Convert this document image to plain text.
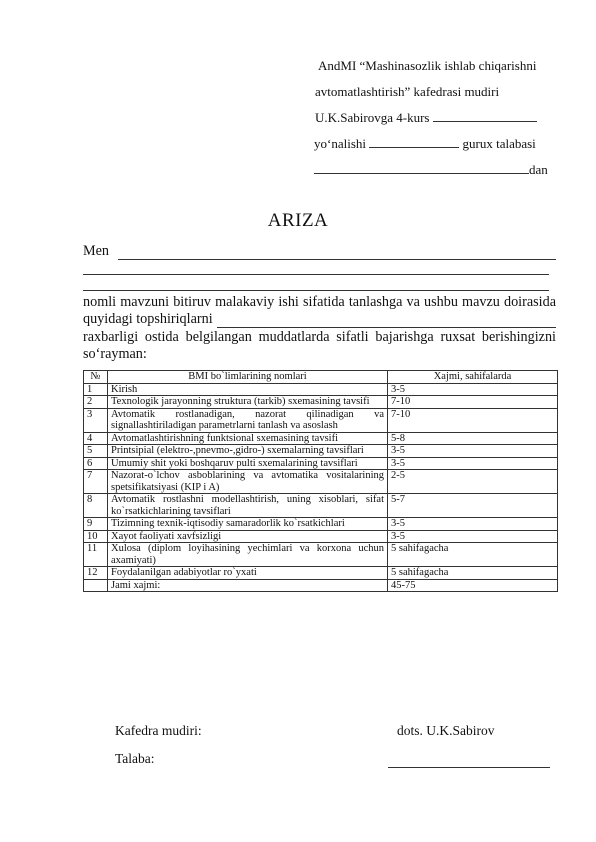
AndMI “Mashinasozlik ishlab chiqarishni
avtomatlashtirish” kafedrasi mudiri
U.K.Sabirovga 4-kurs
yo‘nalishi	gurux talabasi
dan
ARIZA
Men
nomli mavzuni bitiruv malakaviy ishi sifatida tanlashga va ushbu mavzu doirasida
quyidagi topshiriqlarni
raxbarligi ostida belgilangan muddatlarda sifatli bajarishga ruxsat berishingizni
so‘rayman:
№	BMI bo`limlarining nomlari	Xajmi, sahifalarda
1	Kirish	3-5
2	Texnologik jarayonning struktura (tarkib) sxemasining tavsifi	7-10
3	Avtomatik rostlanadigan, nazorat qilinadigan va signallashtiriladigan parametrlarni tanlash va asoslash	7-10
4	Avtomatlashtirishning funktsional sxemasining tavsifi	5-8
5	Printsipial (elektro-,pnevmo-,gidro-) sxemalarning tavsiflari	3-5
6	Umumiy shit yoki boshqaruv pulti sxemalarining tavsiflari	3-5
7	Nazorat-o`lchov asboblarining va avtomatika vositalarining spetsifikatsiyasi (KIP i A)	2-5
8	Avtomatik rostlashni modellashtirish, uning xisoblari, sifat ko`rsatkichlarining tavsiflari	5-7
9	Tizimning texnik-iqtisodiy samaradorlik ko`rsatkichlari	3-5
10	Xayot faoliyati xavfsizligi	3-5
11	Xulosa (diplom loyihasining yechimlari va korxona uchun axamiyati)	5 sahifagacha
12	Foydalanilgan adabiyotlar ro`yxati	5 sahifagacha
	Jami xajmi:	45-75
Kafedra mudiri:	dots. U.K.Sabirov
Talaba:
